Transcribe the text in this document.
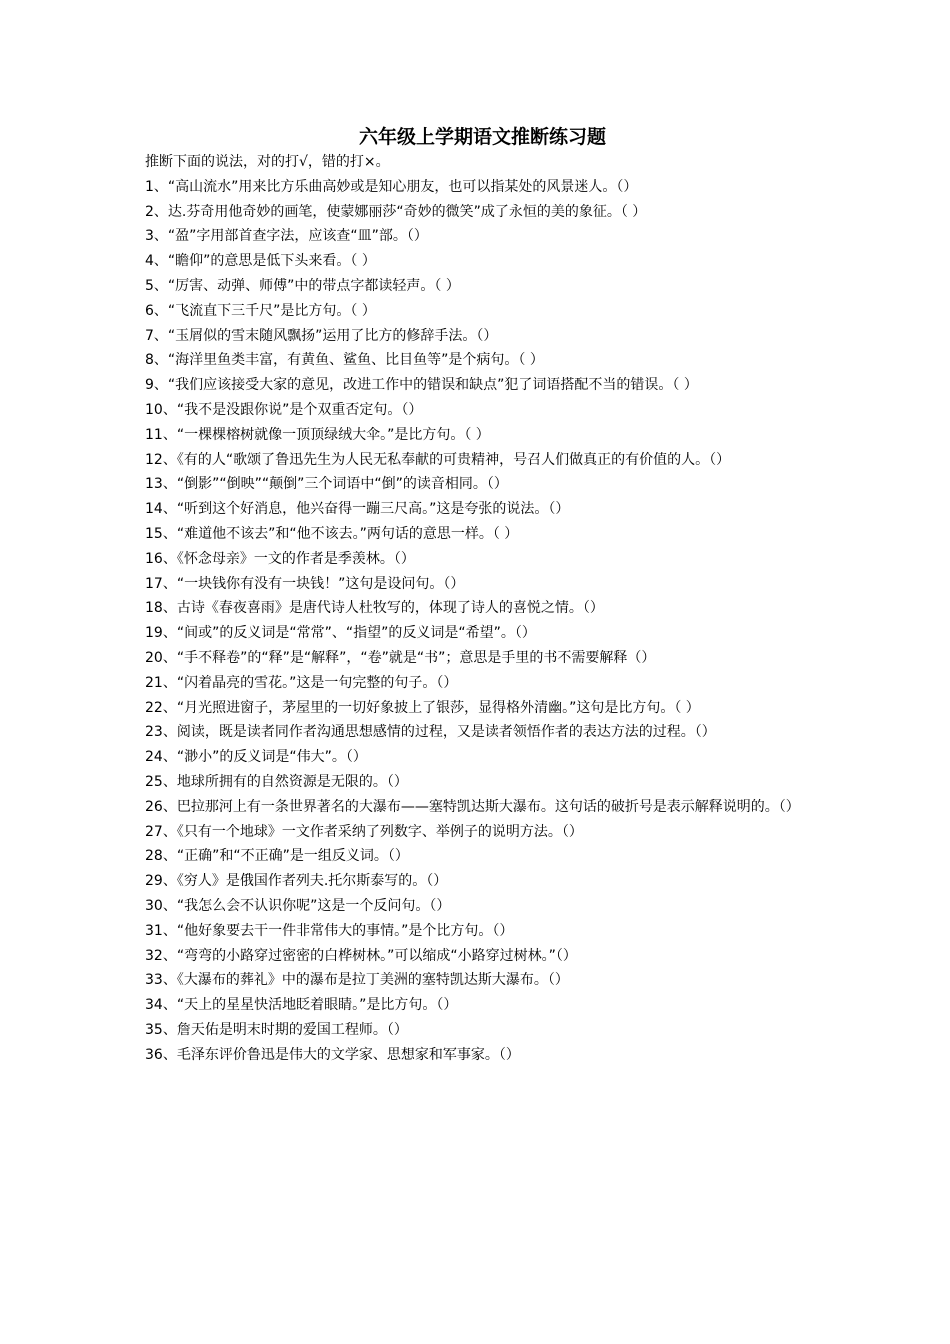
六年级上学期语文推断练习题
推断下面的说法，对的打√，错的打×。
1、“高山流水”用来比方乐曲高妙或是知心朋友，也可以指某处的风景迷人。（）
2、达.芬奇用他奇妙的画笔，使蒙娜丽莎“奇妙的微笑”成了永恒的美的象征。（ ）
3、“盈”字用部首查字法，应该查“皿”部。（）
4、“瞻仰”的意思是低下头来看。（ ）
5、“厉害、动弹、师傅”中的带点字都读轻声。（ ）
6、“飞流直下三千尺”是比方句。（ ）
7、“玉屑似的雪末随风飘扬”运用了比方的修辞手法。（）
8、“海洋里鱼类丰富，有黄鱼、鲨鱼、比目鱼等”是个病句。（ ）
9、“我们应该接受大家的意见，改进工作中的错误和缺点”犯了词语搭配不当的错误。（ ）
10、“我不是没跟你说”是个双重否定句。（）
11、“一棵棵榕树就像一顶顶绿绒大伞。”是比方句。（ ）
12、《有的人“歌颂了鲁迅先生为人民无私奉献的可贵精神，号召人们做真正的有价值的人。（）
13、“倒影”“倒映”“颠倒”三个词语中“倒”的读音相同。（）
14、“听到这个好消息，他兴奋得一蹦三尺高。”这是夸张的说法。（）
15、“难道他不该去”和“他不该去。”两句话的意思一样。（ ）
16、《怀念母亲》一文的作者是季羡林。（）
17、“一块钱你有没有一块钱！”这句是设问句。（）
18、古诗《春夜喜雨》是唐代诗人杜牧写的，体现了诗人的喜悦之情。（）
19、“间或”的反义词是“常常”、“指望”的反义词是“希望”。（）
20、“手不释卷”的“释”是“解释”，“卷”就是“书”；意思是手里的书不需要解释（）
21、“闪着晶亮的雪花。”这是一句完整的句子。（）
22、“月光照进窗子，茅屋里的一切好象披上了银莎，显得格外清幽。”这句是比方句。（ ）
23、阅读，既是读者同作者沟通思想感情的过程，又是读者领悟作者的表达方法的过程。（）
24、“渺小”的反义词是“伟大”。（）
25、地球所拥有的自然资源是无限的。（）
26、巴拉那河上有一条世界著名的大瀑布——塞特凯达斯大瀑布。这句话的破折号是表示解释说明的。（）
27、《只有一个地球》一文作者采纳了列数字、举例子的说明方法。（）
28、“正确”和“不正确”是一组反义词。（）
29、《穷人》是俄国作者列夫.托尔斯泰写的。（）
30、“我怎么会不认识你呢”这是一个反问句。（）
31、“他好象要去干一件非常伟大的事情。”是个比方句。（）
32、“弯弯的小路穿过密密的白桦树林。”可以缩成“小路穿过树林。”（）
33、《大瀑布的葬礼》中的瀑布是拉丁美洲的塞特凯达斯大瀑布。（）
34、“天上的星星快活地眨着眼睛。”是比方句。（）
35、詹天佑是明末时期的爱国工程师。（）
36、毛泽东评价鲁迅是伟大的文学家、思想家和军事家。（）
